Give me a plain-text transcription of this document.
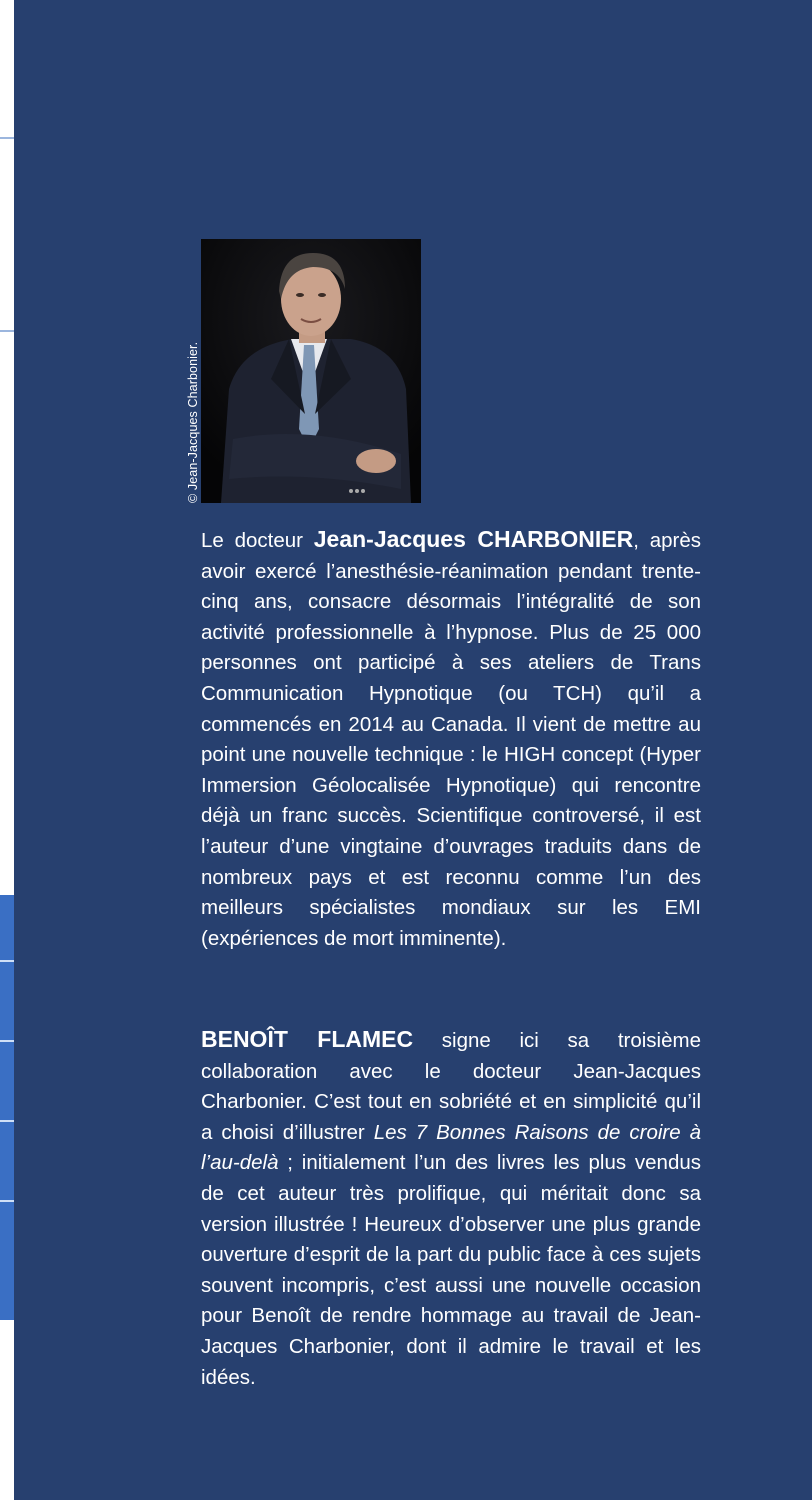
© Jean-Jacques Charbonier.

Le docteur Jean-Jacques CHARBONIER, après avoir exercé l’anesthésie-réanimation pendant trente-cinq ans, consacre désormais l’intégralité de son activité professionnelle à l’hypnose. Plus de 25 000 personnes ont participé à ses ateliers de Trans Communication Hypnotique (ou TCH) qu’il a commencés en 2014 au Canada. Il vient de mettre au point une nouvelle technique : le HIGH concept (Hyper Immersion Géolocalisée Hypnotique) qui rencontre déjà un franc succès. Scientifique controversé, il est l’auteur d’une vingtaine d’ouvrages traduits dans de nombreux pays et est reconnu comme l’un des meilleurs spécialistes mondiaux sur les EMI (expériences de mort imminente).

BENOÎT FLAMEC signe ici sa troisième collaboration avec le docteur Jean-Jacques Charbonier. C’est tout en sobriété et en simplicité qu’il a choisi d’illustrer Les 7 Bonnes Raisons de croire à l’au-delà ; initialement l’un des livres les plus vendus de cet auteur très prolifique, qui méritait donc sa version illustrée ! Heureux d’observer une plus grande ouverture d’esprit de la part du public face à ces sujets souvent incompris, c’est aussi une nouvelle occasion pour Benoît de rendre hommage au travail de Jean-Jacques Charbonier, dont il admire le travail et les idées.
